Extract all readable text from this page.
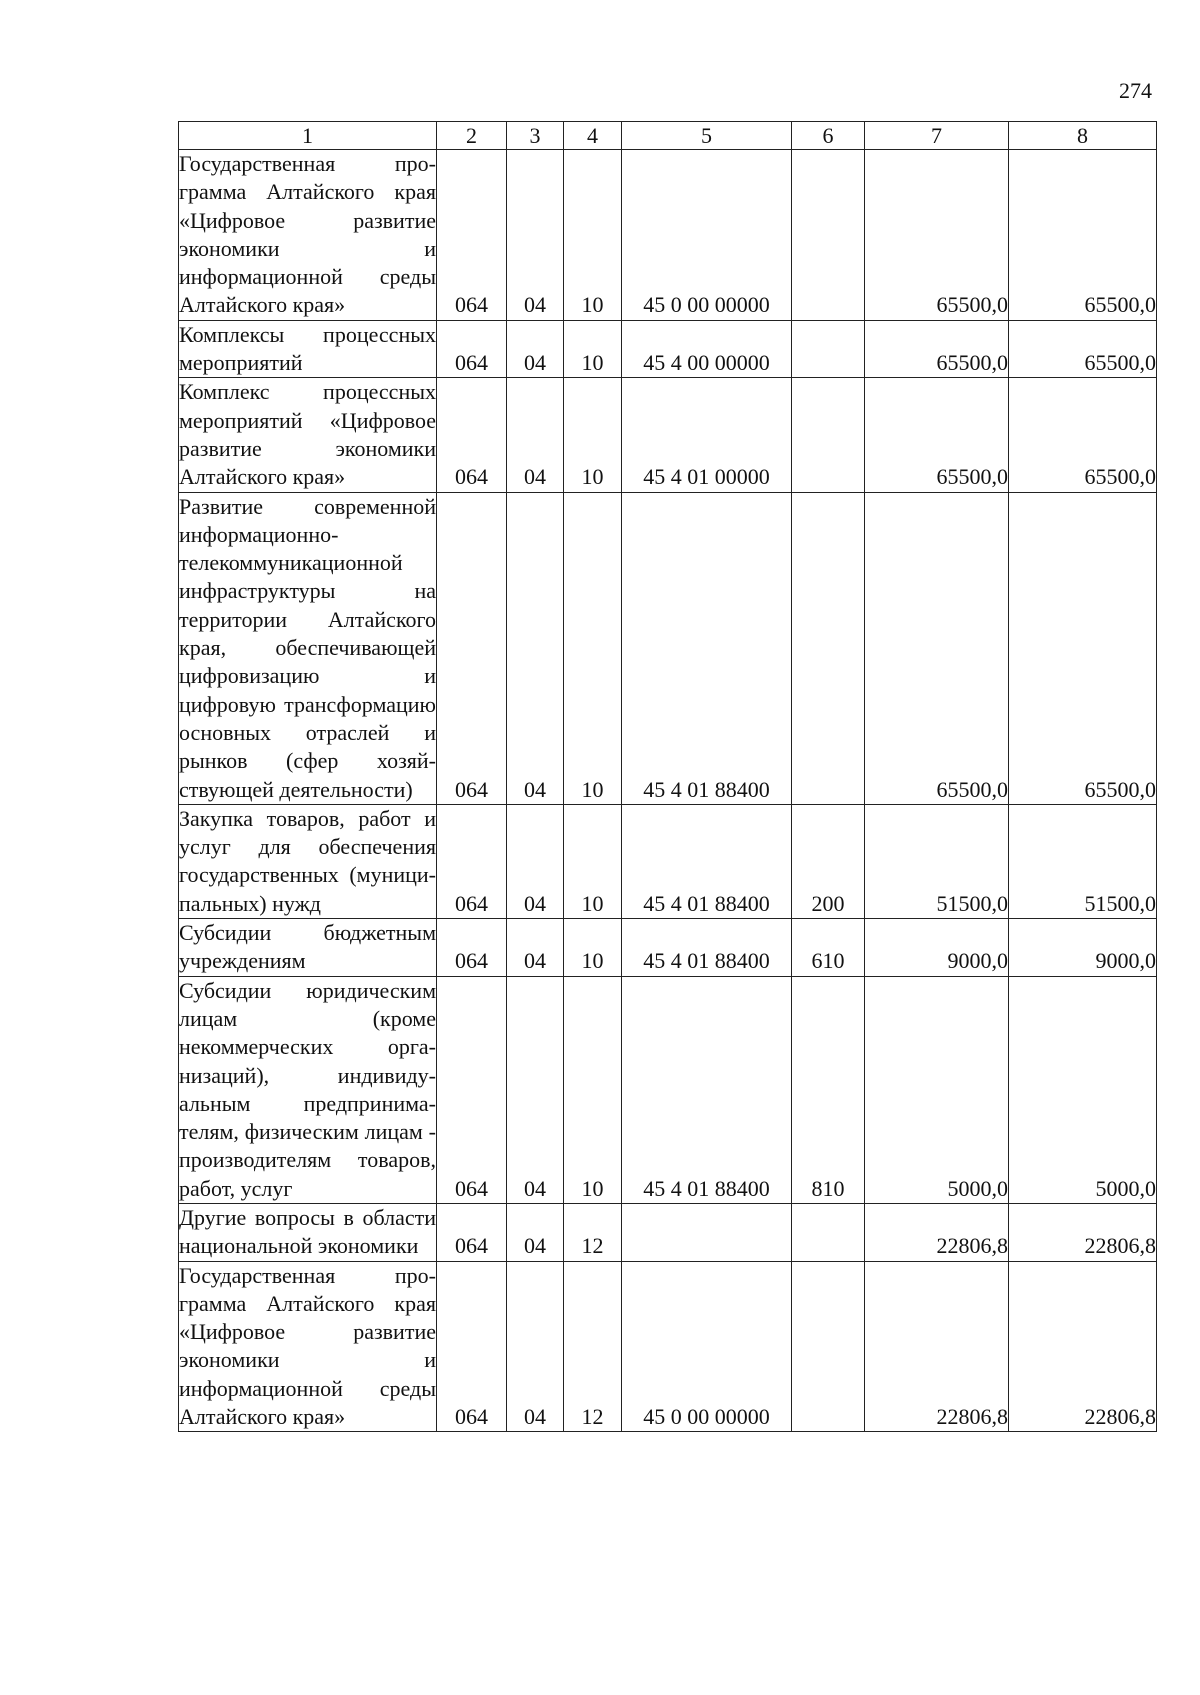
274
1	2	3	4	5	6	7	8
Государственная программа Алтайского края «Цифровое развитие экономики и информационной среды Алтайского края»	064	04	10	45 0 00 00000		65500,0	65500,0
Комплексы процессных мероприятий	064	04	10	45 4 00 00000		65500,0	65500,0
Комплекс процессных мероприятий «Цифровое развитие экономики Алтайского края»	064	04	10	45 4 01 00000		65500,0	65500,0
Развитие современной информационно-телекоммуникационной инфраструктуры на территории Алтайского края, обеспечивающей цифровизацию и цифровую трансформацию основных отраслей и рынков (сфер хозяйствующей деятельности)	064	04	10	45 4 01 88400		65500,0	65500,0
Закупка товаров, работ и услуг для обеспечения государственных (муниципальных) нужд	064	04	10	45 4 01 88400	200	51500,0	51500,0
Субсидии бюджетным учреждениям	064	04	10	45 4 01 88400	610	9000,0	9000,0
Субсидии юридическим лицам (кроме некоммерческих организаций), индивидуальным предпринимателям, физическим лицам - производителям товаров, работ, услуг	064	04	10	45 4 01 88400	810	5000,0	5000,0
Другие вопросы в области национальной экономики	064	04	12			22806,8	22806,8
Государственная программа Алтайского края «Цифровое развитие экономики и информационной среды Алтайского края»	064	04	12	45 0 00 00000		22806,8	22806,8
